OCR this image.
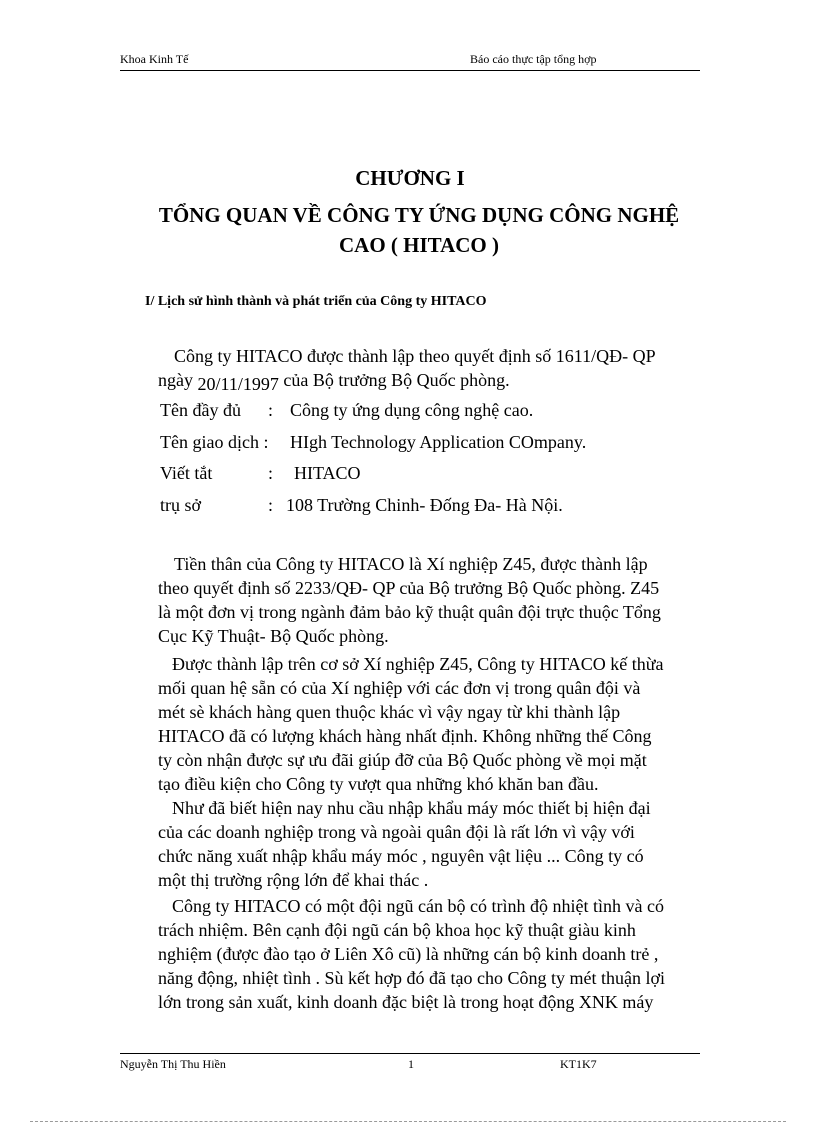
Khoa Kinh Tế	Báo cáo thực tập tổng hợp
CHƯƠNG I
TỔNG QUAN VỀ CÔNG TY ỨNG DỤNG CÔNG NGHỆ
CAO ( HITACO )
I/ Lịch sử hình thành và phát triển của Công ty HITACO
Công ty HITACO được thành lập theo quyết định số 1611/QĐ- QP
ngày 20/11/1997 của Bộ trưởng Bộ Quốc phòng.
Tên đầy đủ : Công ty ứng dụng công nghệ cao.
Tên giao dịch : HIgh Technology Application COmpany.
Viết tắt	: HITACO
trụ sở	: 108 Trường Chinh- Đống Đa- Hà Nội.

Tiền thân của Công ty HITACO là Xí nghiệp Z45, được thành lập

theo quyết định số 2233/QĐ- QP của Bộ trưởng Bộ Quốc phòng. Z45

là một đơn vị trong ngành đảm bảo kỹ thuật quân đội trực thuộc Tổng

Cục Kỹ Thuật- Bộ Quốc phòng.

Được thành lập trên cơ sở Xí nghiệp Z45, Công ty HITACO kế thừa

mối quan hệ sẵn có của Xí nghiệp với các đơn vị trong quân đội và

mét sè khách hàng quen thuộc khác vì vậy ngay từ khi thành lập

HITACO đã có lượng khách hàng nhất định. Không những thế Công

ty còn nhận được sự ưu đãi giúp đỡ của Bộ Quốc phòng về mọi mặt

tạo điều kiện cho Công ty vượt qua những khó khăn ban đầu.

Như đã biết hiện nay nhu cầu nhập khẩu máy móc thiết bị hiện đại

của các doanh nghiệp trong và ngoài quân đội là rất lớn vì vậy với

chức năng xuất nhập khẩu máy móc , nguyên vật liệu ... Công ty có

một thị trường rộng lớn để khai thác .

Công ty HITACO có một đội ngũ cán bộ có trình độ nhiệt tình và có

trách nhiệm. Bên cạnh đội ngũ cán bộ khoa học kỹ thuật giàu kinh

nghiệm (được đào tạo ở Liên Xô cũ) là những cán bộ kinh doanh trẻ ,

năng động, nhiệt tình . Sù kết hợp đó đã tạo cho Công ty mét thuận lợi

lớn trong sản xuất, kinh doanh đặc biệt là trong hoạt động XNK máy

Nguyễn Thị Thu Hiền	1	KT1K7
